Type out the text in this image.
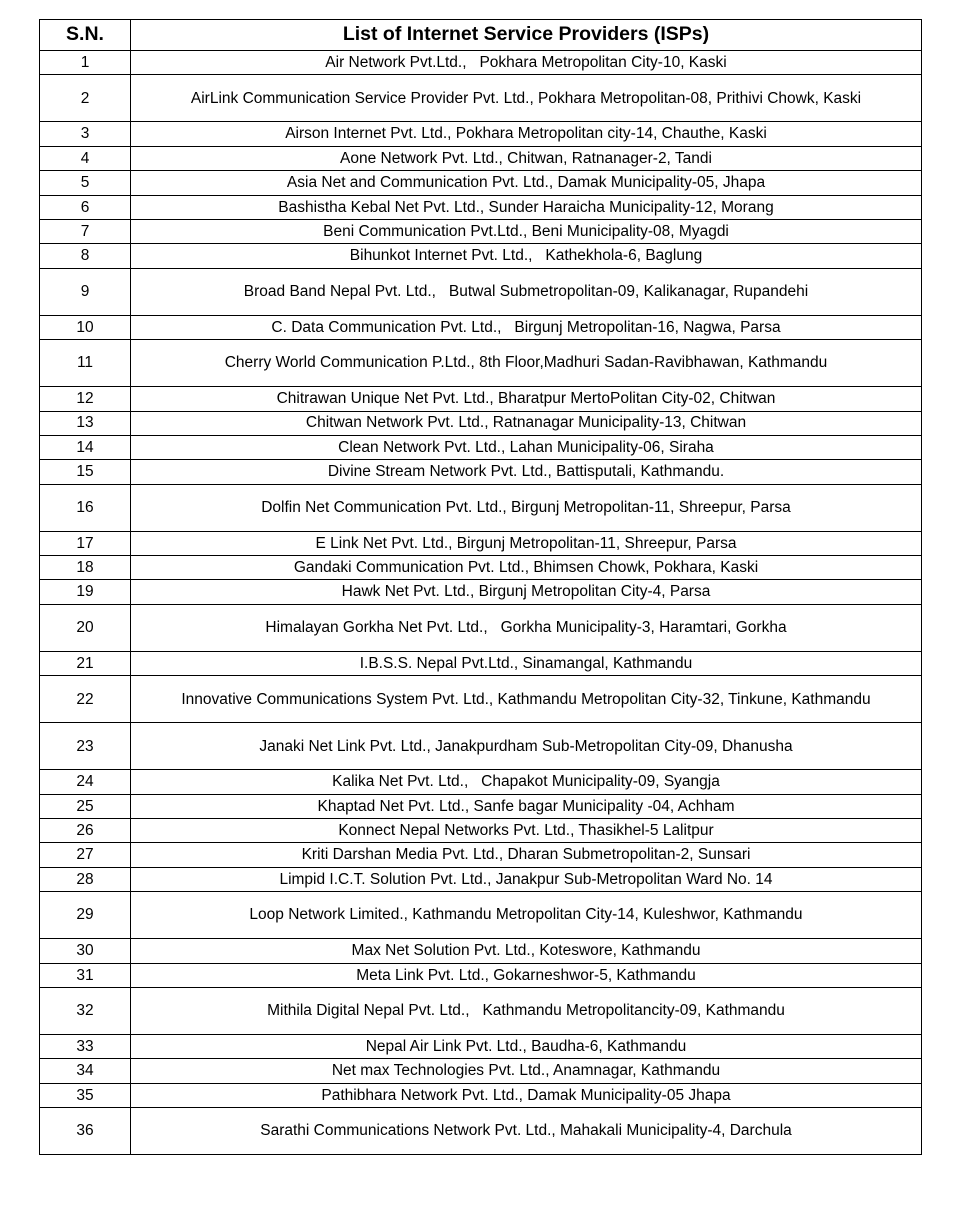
S.N.	List of Internet Service Providers (ISPs)
1	Air Network Pvt.Ltd.,   Pokhara Metropolitan City-10, Kaski
2	AirLink Communication Service Provider Pvt. Ltd., Pokhara Metropolitan-08, Prithivi Chowk, Kaski
3	Airson Internet Pvt. Ltd., Pokhara Metropolitan city-14, Chauthe, Kaski
4	Aone Network Pvt. Ltd., Chitwan, Ratnanager-2, Tandi
5	Asia Net and Communication Pvt. Ltd., Damak Municipality-05, Jhapa
6	Bashistha Kebal Net Pvt. Ltd., Sunder Haraicha Municipality-12, Morang
7	Beni Communication Pvt.Ltd., Beni Municipality-08, Myagdi
8	Bihunkot Internet Pvt. Ltd.,   Kathekhola-6, Baglung
9	Broad Band Nepal Pvt. Ltd.,   Butwal Submetropolitan-09, Kalikanagar, Rupandehi
10	C. Data Communication Pvt. Ltd.,   Birgunj Metropolitan-16, Nagwa, Parsa
11	Cherry World Communication P.Ltd., 8th Floor,Madhuri Sadan-Ravibhawan, Kathmandu
12	Chitrawan Unique Net Pvt. Ltd., Bharatpur MertoPolitan City-02, Chitwan
13	Chitwan Network Pvt. Ltd., Ratnanagar Municipality-13, Chitwan
14	Clean Network Pvt. Ltd., Lahan Municipality-06, Siraha
15	Divine Stream Network Pvt. Ltd., Battisputali, Kathmandu.
16	Dolfin Net Communication Pvt. Ltd., Birgunj Metropolitan-11, Shreepur, Parsa
17	E Link Net Pvt. Ltd., Birgunj Metropolitan-11, Shreepur, Parsa
18	Gandaki Communication Pvt. Ltd., Bhimsen Chowk, Pokhara, Kaski
19	Hawk Net Pvt. Ltd., Birgunj Metropolitan City-4, Parsa
20	Himalayan Gorkha Net Pvt. Ltd.,   Gorkha Municipality-3, Haramtari, Gorkha
21	I.B.S.S. Nepal Pvt.Ltd., Sinamangal, Kathmandu
22	Innovative Communications System Pvt. Ltd., Kathmandu Metropolitan City-32, Tinkune, Kathmandu
23	Janaki Net Link Pvt. Ltd., Janakpurdham Sub-Metropolitan City-09, Dhanusha
24	Kalika Net Pvt. Ltd.,   Chapakot Municipality-09, Syangja
25	Khaptad Net Pvt. Ltd., Sanfe bagar Municipality -04, Achham
26	Konnect Nepal Networks Pvt. Ltd., Thasikhel-5 Lalitpur
27	Kriti Darshan Media Pvt. Ltd., Dharan Submetropolitan-2, Sunsari
28	Limpid I.C.T. Solution Pvt. Ltd., Janakpur Sub-Metropolitan Ward No. 14
29	Loop Network Limited., Kathmandu Metropolitan City-14, Kuleshwor, Kathmandu
30	Max Net Solution Pvt. Ltd., Koteswore, Kathmandu
31	Meta Link Pvt. Ltd., Gokarneshwor-5, Kathmandu
32	Mithila Digital Nepal Pvt. Ltd.,   Kathmandu Metropolitancity-09, Kathmandu
33	Nepal Air Link Pvt. Ltd., Baudha-6, Kathmandu
34	Net max Technologies Pvt. Ltd., Anamnagar, Kathmandu
35	Pathibhara Network Pvt. Ltd., Damak Municipality-05 Jhapa
36	Sarathi Communications Network Pvt. Ltd., Mahakali Municipality-4, Darchula
